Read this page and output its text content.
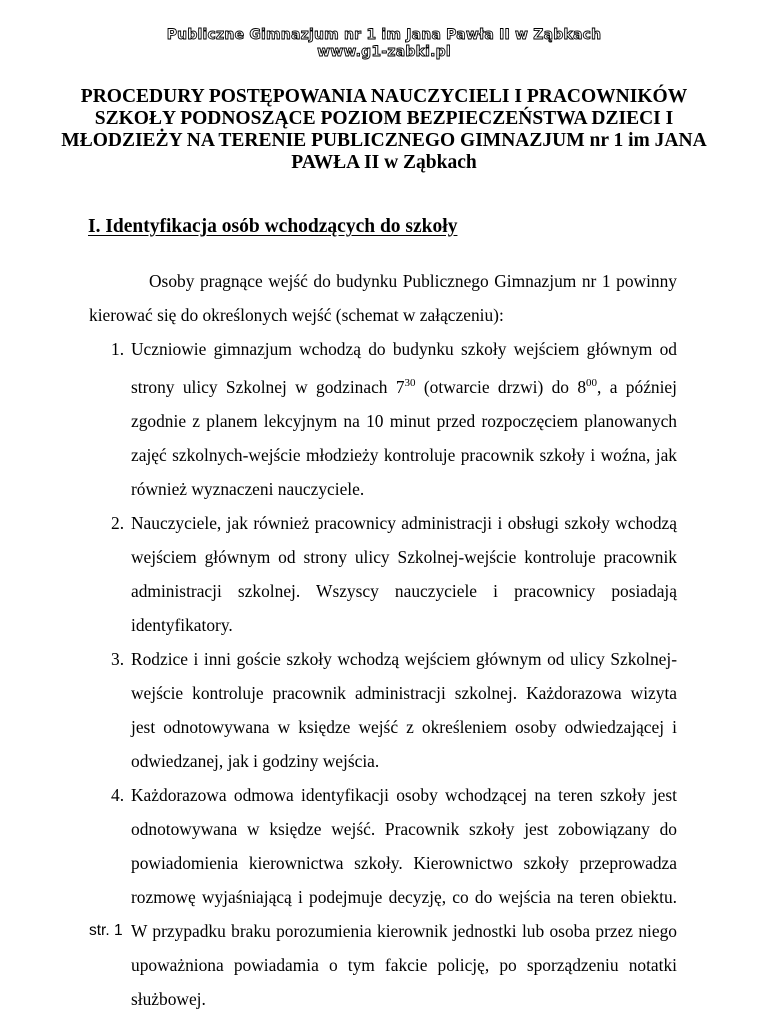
Publiczne Gimnazjum nr 1 im Jana Pawła II w Ząbkach
www.g1-zabki.pl
PROCEDURY POSTĘPOWANIA NAUCZYCIELI I PRACOWNIKÓW SZKOŁY PODNOSZĄCE POZIOM BEZPIECZEŃSTWA DZIECI I MŁODZIEŻY NA TERENIE PUBLICZNEGO GIMNAZJUM nr 1 im JANA PAWŁA II w Ząbkach
I. Identyfikacja osób wchodzących do szkoły

Osoby pragnące wejść do budynku Publicznego Gimnazjum nr 1 powinny kierować się do określonych wejść (schemat w załączeniu):

1. Uczniowie gimnazjum wchodzą do budynku szkoły wejściem głównym od strony ulicy Szkolnej w godzinach $7^{30}$ (otwarcie drzwi) do $8^{00}$, a później zgodnie z planem lekcyjnym na 10 minut przed rozpoczęciem planowanych zajęć szkolnych-wejście młodzieży kontroluje pracownik szkoły i woźna, jak również wyznaczeni nauczyciele.
2. Nauczyciele, jak również pracownicy administracji i obsługi szkoły wchodzą wejściem głównym od strony ulicy Szkolnej-wejście kontroluje pracownik administracji szkolnej. Wszyscy nauczyciele i pracownicy posiadają identyfikatory.
3. Rodzice i inni goście szkoły wchodzą wejściem głównym od ulicy Szkolnej-wejście kontroluje pracownik administracji szkolnej. Każdorazowa wizyta jest odnotowywana w księdze wejść z określeniem osoby odwiedzającej i odwiedzanej, jak i godziny wejścia.
4. Każdorazowa odmowa identyfikacji osoby wchodzącej na teren szkoły jest odnotowywana w księdze wejść. Pracownik szkoły jest zobowiązany do powiadomienia kierownictwa szkoły. Kierownictwo szkoły przeprowadza rozmowę wyjaśniającą i podejmuje decyzję, co do wejścia na teren obiektu. W przypadku braku porozumienia kierownik jednostki lub osoba przez niego upoważniona powiadamia o tym fakcie policję, po sporządzeniu notatki służbowej.
str. 1
